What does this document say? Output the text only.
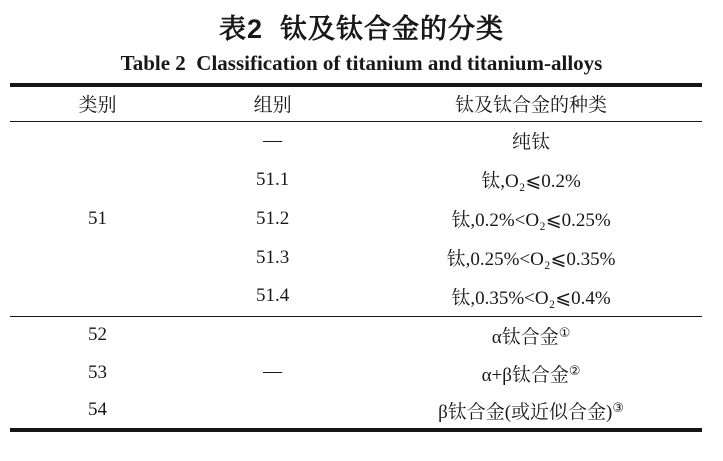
表2  钛及钛合金的分类
Table 2  Classification of titanium and titanium-alloys
类别	组别	钛及钛合金的种类
51	—	纯钛
	51.1	钛,O₂⩽0.2%
	51.2	钛,0.2%<O₂⩽0.25%
	51.3	钛,0.25%<O₂⩽0.35%
	51.4	钛,0.35%<O₂⩽0.4%
52	—	α钛合金①
53		α+β钛合金②
54		β钛合金(或近似合金)③
